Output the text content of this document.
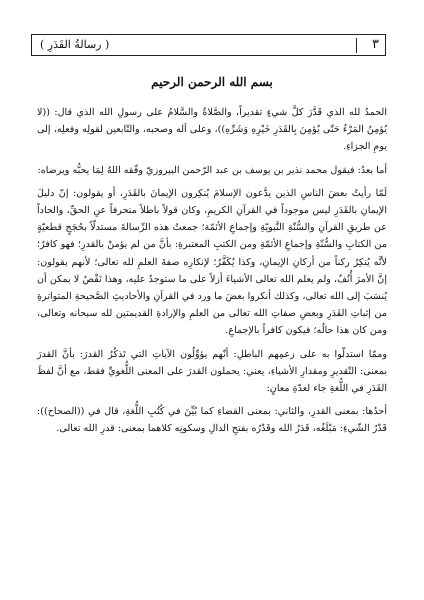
٣
( رسالةُ القَدَرِ )
بسم الله الرحمن الرحيم

الحمدُ لله الذي قَدَّرَ كلَّ شيءٍ تقديراً، والصَّلاةُ والسَّلامُ على رسولِ الله الذي قال: ((لا يُؤمِنُ المَرْءُ حَتّى يُؤمِنَ بِالقَدَرِ خَيْرِهِ وَشَرِّهِ))، وعلى آله وصحبه، والتّابعين لقولِه وفعلِه، إلى يومِ الجزاءِ.

أما بعدُ: فيقول محمد نذير بن يوسف بن عبد الرّحمن البيروزيّ وفّقه اللهُ لِمَا يحبُّه ويرضاه:

لَمّا رأيتُ بعضَ الناسِ الذين يدَّعون الإسلامَ يُنكِرون الإيمانَ بالقَدَرِ، أو يقولون: إنّ دليلَ الإيمانِ بالقَدَرِ ليس موجوداً في القرآنِ الكريمِ، وكان قولاً باطلاً منحرفاً عنِ الحقِّ، والحاداً عن طريقِ القرآنِ والسُّنّةِ النَّبويّةِ وإجماعِ الأئمّة؛ جمعتُ هذه الرِّسالةَ مستدلّاً بحُجَجٍ قطعيّةٍ من الكتابِ والسُّنّةِ وإجماعِ الأئمّةِ ومن الكتبِ المعتبرةِ: بأنَّ من لم يؤمنْ بالقدرِ؛ فهو كافرٌ؛ لأنَّه يُنكِرُ ركناً من أركانِ الإيمانِ، وكذا يُكَفَّرُ؛ لإنكارِه صفةَ العلمِ لله تعالى؛ لأنهم يقولون: إنَّ الأمرَ أُنُفٌ، ولم يعلم الله تعالى الأشياءَ أزلاً على ما ستوجدُ عليه، وهذا نَقْصٌ لا يمكن أن يُنسَبَ إلى الله تعالى، وكذلك أنكروا بعضَ ما ورد في القرآنِ والأحاديثِ الصَّحيحةِ المتواترةِ من إثباتِ القَدَرِ وبعضِ صفاتِ الله تعالى من العلمِ والإرادةِ القديمتين لله سبحانه وتعالى، ومن كان هذا حالُه؛ فيكون كافراً بالإجماعِ.

وممّا استدلّوا به على زعمِهم الباطلِ: أنّهم يؤوِّلُون الآياتِ التي تَذكُرُ القدرَ: بأنَّ القدرَ بمعنى: التّقديرِ ومقدارِ الأشياءِ، يعني: يحملون القدرَ على المعنى اللُّغويِّ فقط، مع أنَّ لفظَ القَدَرِ في اللُّغةِ جاء لعدّةِ معانٍ:

أحدُها: بمعنى القدرِ، والثاني: بمعنى القضاءِ كما بُيِّنَ في كُتُبِ اللُّغةِ، قال في ((الصحاح)): قَدْرُ الشّيءِ: مَبْلَغُه، قَدَرُ الله وقَدْرُه بفتحِ الدالِ وسكونِه كلاهما بمعنى: قدرِ الله تعالى.
